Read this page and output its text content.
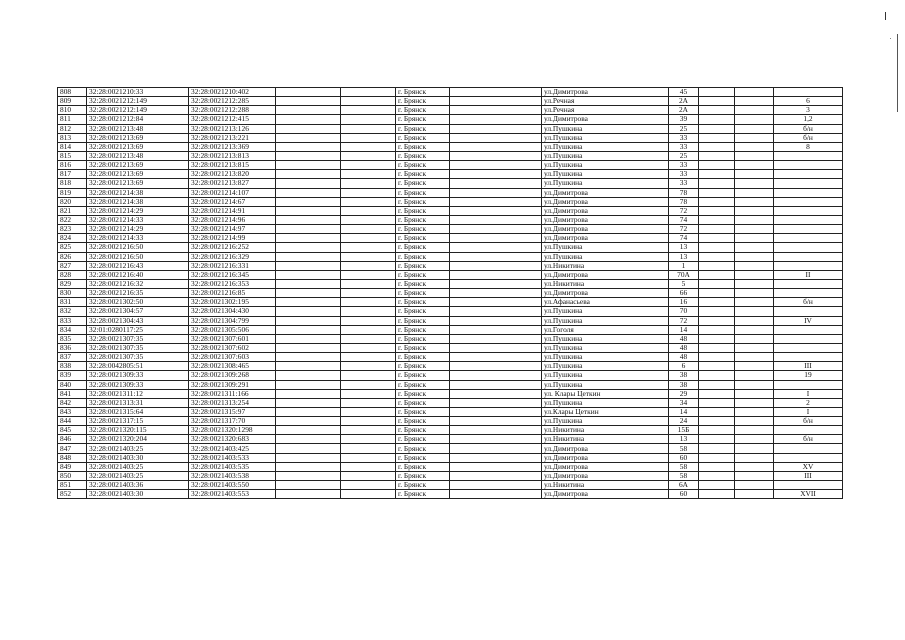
808	32:28:0021210:33	32:28:0021210:402			г. Брянск		ул.Димитрова	45			
809	32:28:0021212:149	32:28:0021212:285			г. Брянск		ул.Речная	2А			6
810	32:28:0021212:149	32:28:0021212:288			г. Брянск		ул.Речная	2А			3
811	32:28:0021212:84	32:28:0021212:415			г. Брянск		ул.Димитрова	39			1,2
812	32:28:0021213:48	32:28:0021213:126			г. Брянск		ул.Пушкина	25			б/н
813	32:28:0021213:69	32:28:0021213:221			г. Брянск		ул.Пушкина	33			б/н
814	32:28:0021213:69	32:28:0021213:369			г. Брянск		ул.Пушкина	33			8
815	32:28:0021213:48	32:28:0021213:813			г. Брянск		ул.Пушкина	25			
816	32:28:0021213:69	32:28:0021213:815			г. Брянск		ул.Пушкина	33			
817	32:28:0021213:69	32:28:0021213:820			г. Брянск		ул.Пушкина	33			
818	32:28:0021213:69	32:28:0021213:827			г. Брянск		ул.Пушкина	33			
819	32:28:0021214:38	32:28:0021214:107			г. Брянск		ул.Димитрова	78			
820	32:28:0021214:38	32:28:0021214:67			г. Брянск		ул.Димитрова	78			
821	32:28:0021214:29	32:28:0021214:91			г. Брянск		ул.Димитрова	72			
822	32:28:0021214:33	32:28:0021214:96			г. Брянск		ул.Димитрова	74			
823	32:28:0021214:29	32:28:0021214:97			г. Брянск		ул.Димитрова	72			
824	32:28:0021214:33	32:28:0021214:99			г. Брянск		ул.Димитрова	74			
825	32:28:0021216:50	32:28:0021216:252			г. Брянск		ул.Пушкина	13			
826	32:28:0021216:50	32:28:0021216:329			г. Брянск		ул.Пушкина	13			
827	32:28:0021216:43	32:28:0021216:331			г. Брянск		ул.Никитина	1			
828	32:28:0021216:40	32:28:0021216:345			г. Брянск		ул.Димитрова	70А			II
829	32:28:0021216:32	32:28:0021216:353			г. Брянск		ул.Никитина	5			
830	32:28:0021216:35	32:28:0021216:85			г. Брянск		ул.Димитрова	66			
831	32:28:0021302:50	32:28:0021302:195			г. Брянск		ул.Афанасьева	16			б/н
832	32:28:0021304:57	32:28:0021304:430			г. Брянск		ул.Пушкина	70			
833	32:28:0021304:43	32:28:0021304:799			г. Брянск		ул.Пушкина	72			IV
834	32:01:0280117:25	32:28:0021305:506			г. Брянск		ул.Гоголя	14			
835	32:28:0021307:35	32:28:0021307:601			г. Брянск		ул.Пушкина	48			
836	32:28:0021307:35	32:28:0021307:602			г. Брянск		ул.Пушкина	48			
837	32:28:0021307:35	32:28:0021307:603			г. Брянск		ул.Пушкина	48			
838	32:28:0042805:51	32:28:0021308:465			г. Брянск		ул.Пушкина	6			III
839	32:28:0021309:33	32:28:0021309:268			г. Брянск		ул.Пушкина	38			19
840	32:28:0021309:33	32:28:0021309:291			г. Брянск		ул.Пушкина	38			
841	32:28:0021311:12	32:28:0021311:166			г. Брянск		ул. Клары Цеткин	29			I
842	32:28:0021313:31	32:28:0021313:254			г. Брянск		ул.Пушкина	34			2
843	32:28:0021315:64	32:28:0021315:97			г. Брянск		ул.Клары Цеткин	14			I
844	32:28:0021317:15	32:28:0021317:70			г. Брянск		ул.Пушкина	24			б/н
845	32:28:0021320:115	32:28:0021320:1298			г. Брянск		ул.Никитина	15Б			
846	32:28:0021320:204	32:28:0021320:683			г. Брянск		ул.Никитина	13			б/н
847	32:28:0021403:25	32:28:0021403:425			г. Брянск		ул.Димитрова	58			
848	32:28:0021403:30	32:28:0021403:533			г. Брянск		ул.Димитрова	60			
849	32:28:0021403:25	32:28:0021403:535			г. Брянск		ул.Димитрова	58			XV
850	32:28:0021403:25	32:28:0021403:538			г. Брянск		ул.Димитрова	58			III
851	32:28:0021403:36	32:28:0021403:550			г. Брянск		ул.Никитина	6А			
852	32:28:0021403:30	32:28:0021403:553			г. Брянск		ул.Димитрова	60			XVII
